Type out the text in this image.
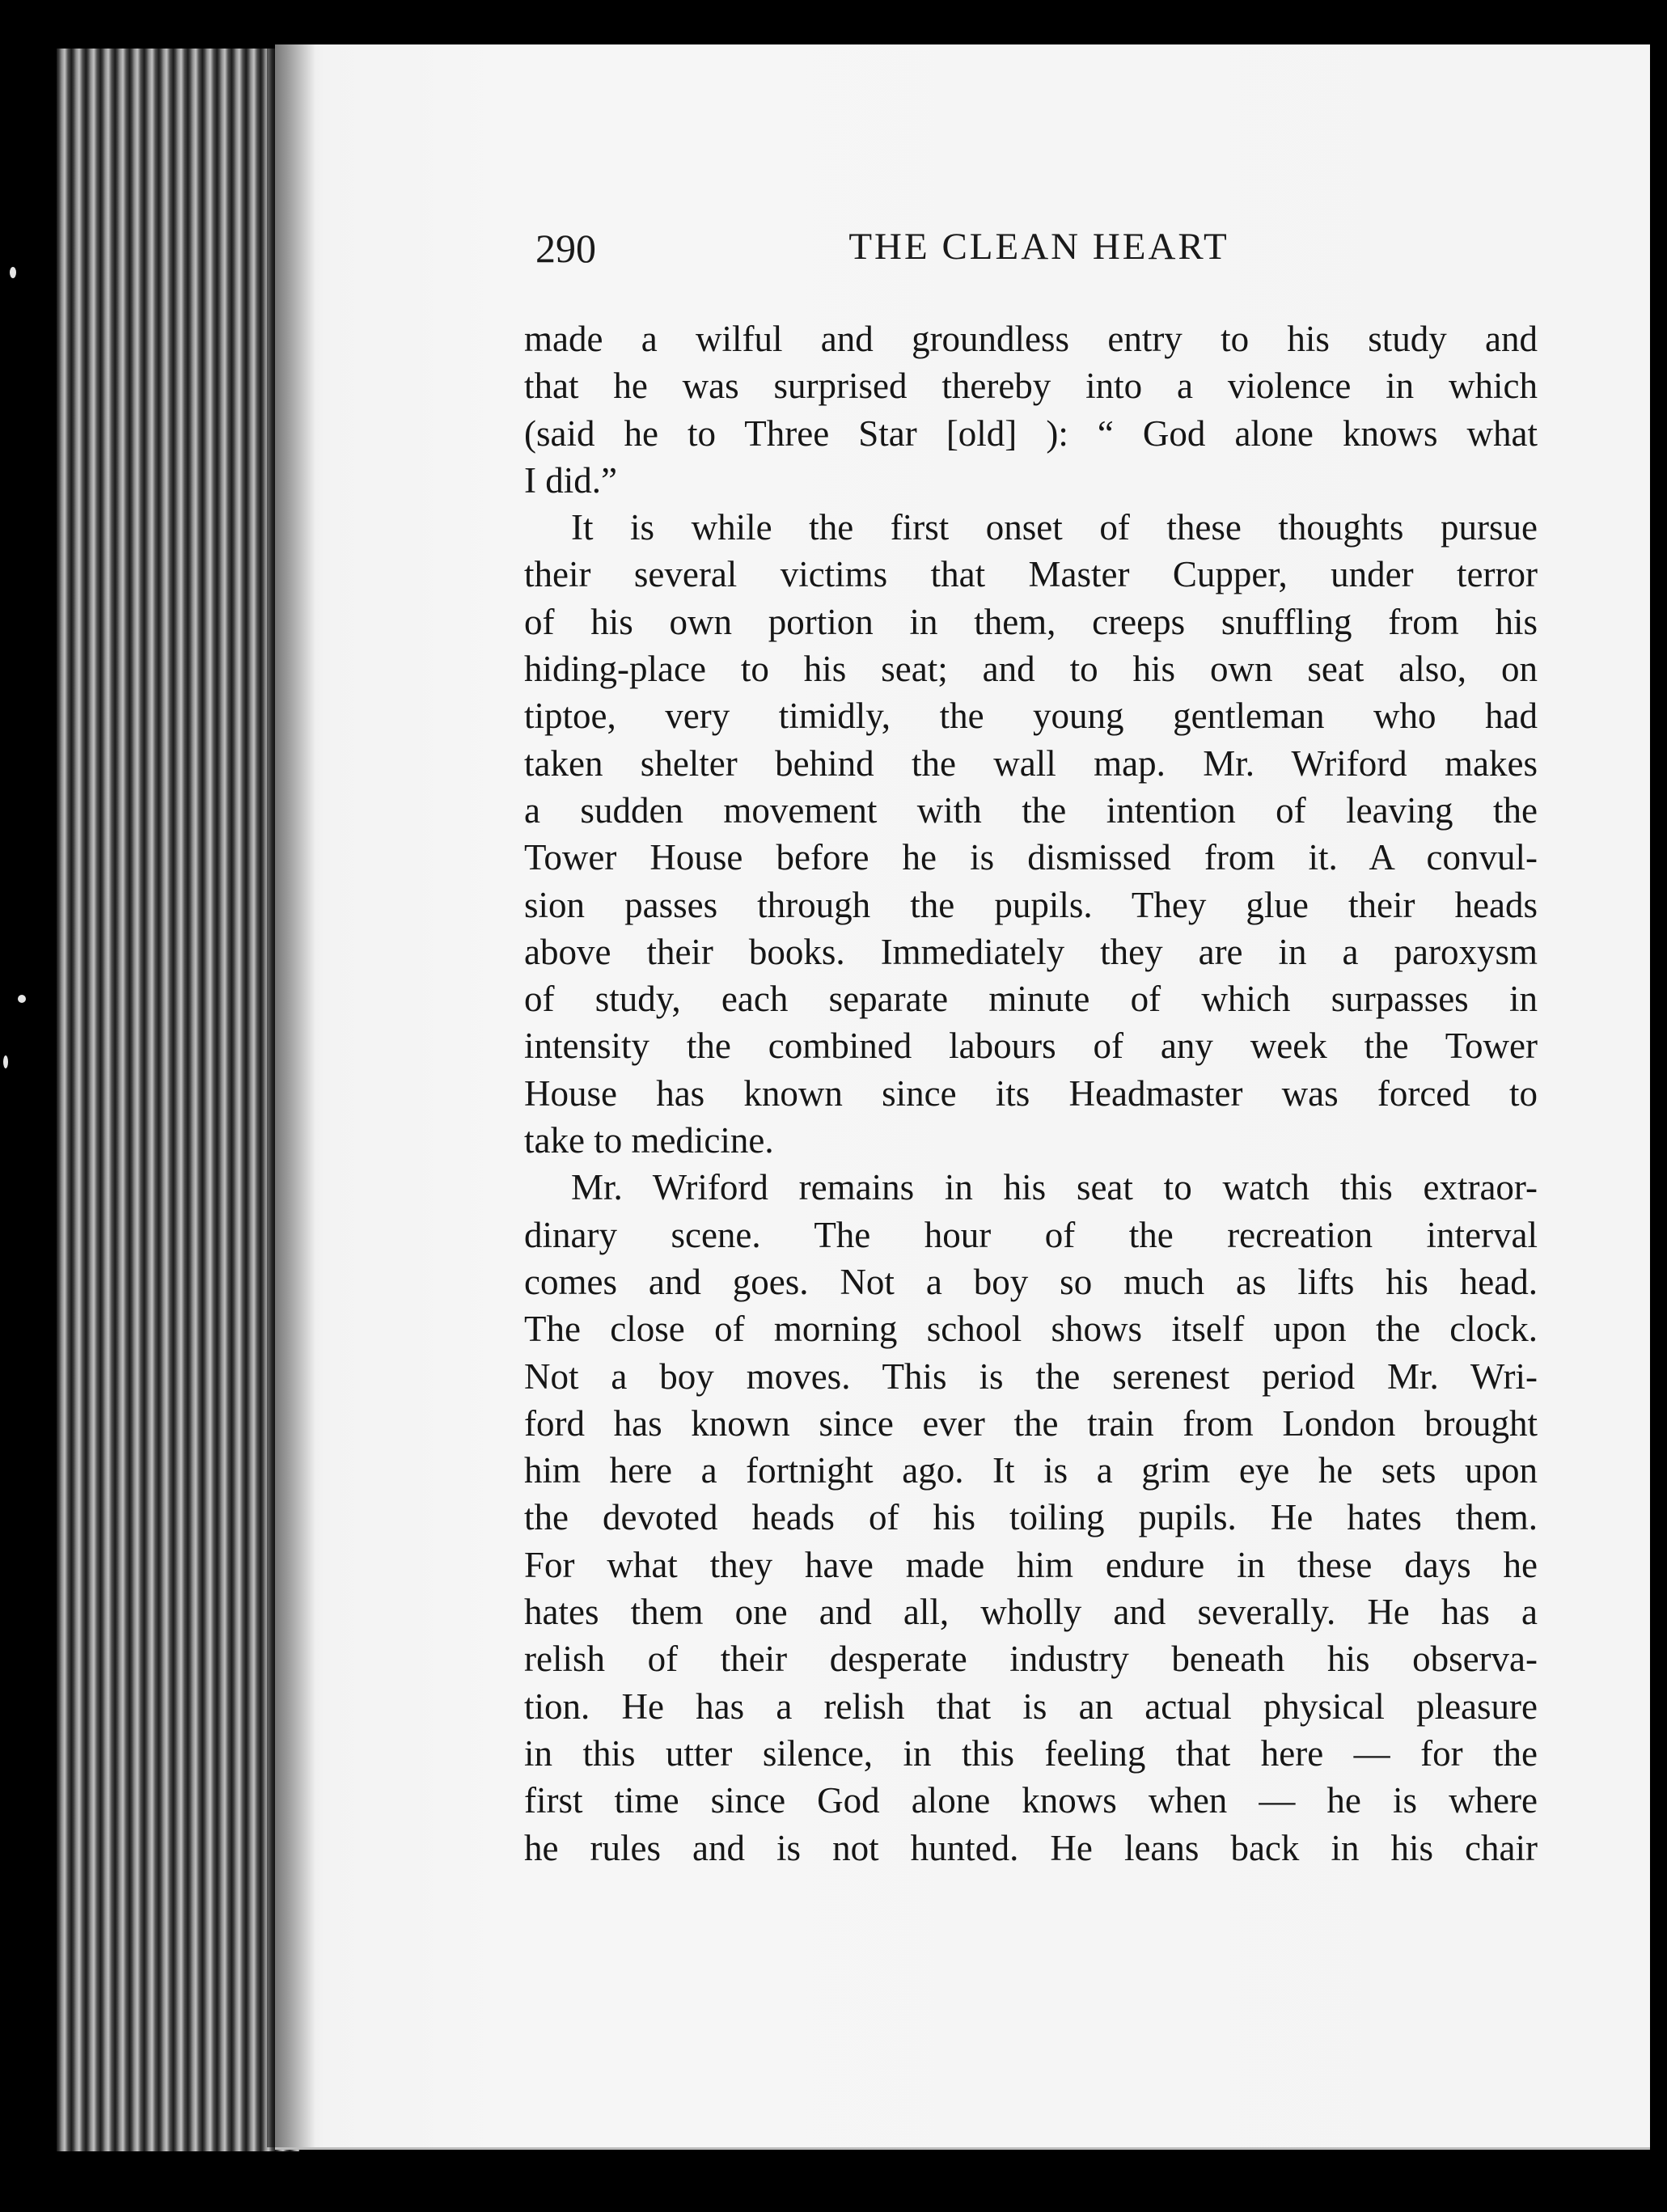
290	THE CLEAN HEART
made a wilful and groundless entry to his study and
that he was surprised thereby into a violence in which
(said he to Three Star [old] ): “ God alone knows what
I did.”
It is while the first onset of these thoughts pursue
their several victims that Master Cupper, under terror
of his own portion in them, creeps snuffling from his
hiding-place to his seat; and to his own seat also, on
tiptoe, very timidly, the young gentleman who had
taken shelter behind the wall map. Mr. Wriford makes
a sudden movement with the intention of leaving the
Tower House before he is dismissed from it. A convul-
sion passes through the pupils. They glue their heads
above their books. Immediately they are in a paroxysm
of study, each separate minute of which surpasses in
intensity the combined labours of any week the Tower
House has known since its Headmaster was forced to
take to medicine.
Mr. Wriford remains in his seat to watch this extraor-
dinary scene. The hour of the recreation interval
comes and goes. Not a boy so much as lifts his head.
The close of morning school shows itself upon the clock.
Not a boy moves. This is the serenest period Mr. Wri-
ford has known since ever the train from London brought
him here a fortnight ago. It is a grim eye he sets upon
the devoted heads of his toiling pupils. He hates them.
For what they have made him endure in these days he
hates them one and all, wholly and severally. He has a
relish of their desperate industry beneath his observa-
tion. He has a relish that is an actual physical pleasure
in this utter silence, in this feeling that here — for the
first time since God alone knows when — he is where
he rules and is not hunted. He leans back in his chair
